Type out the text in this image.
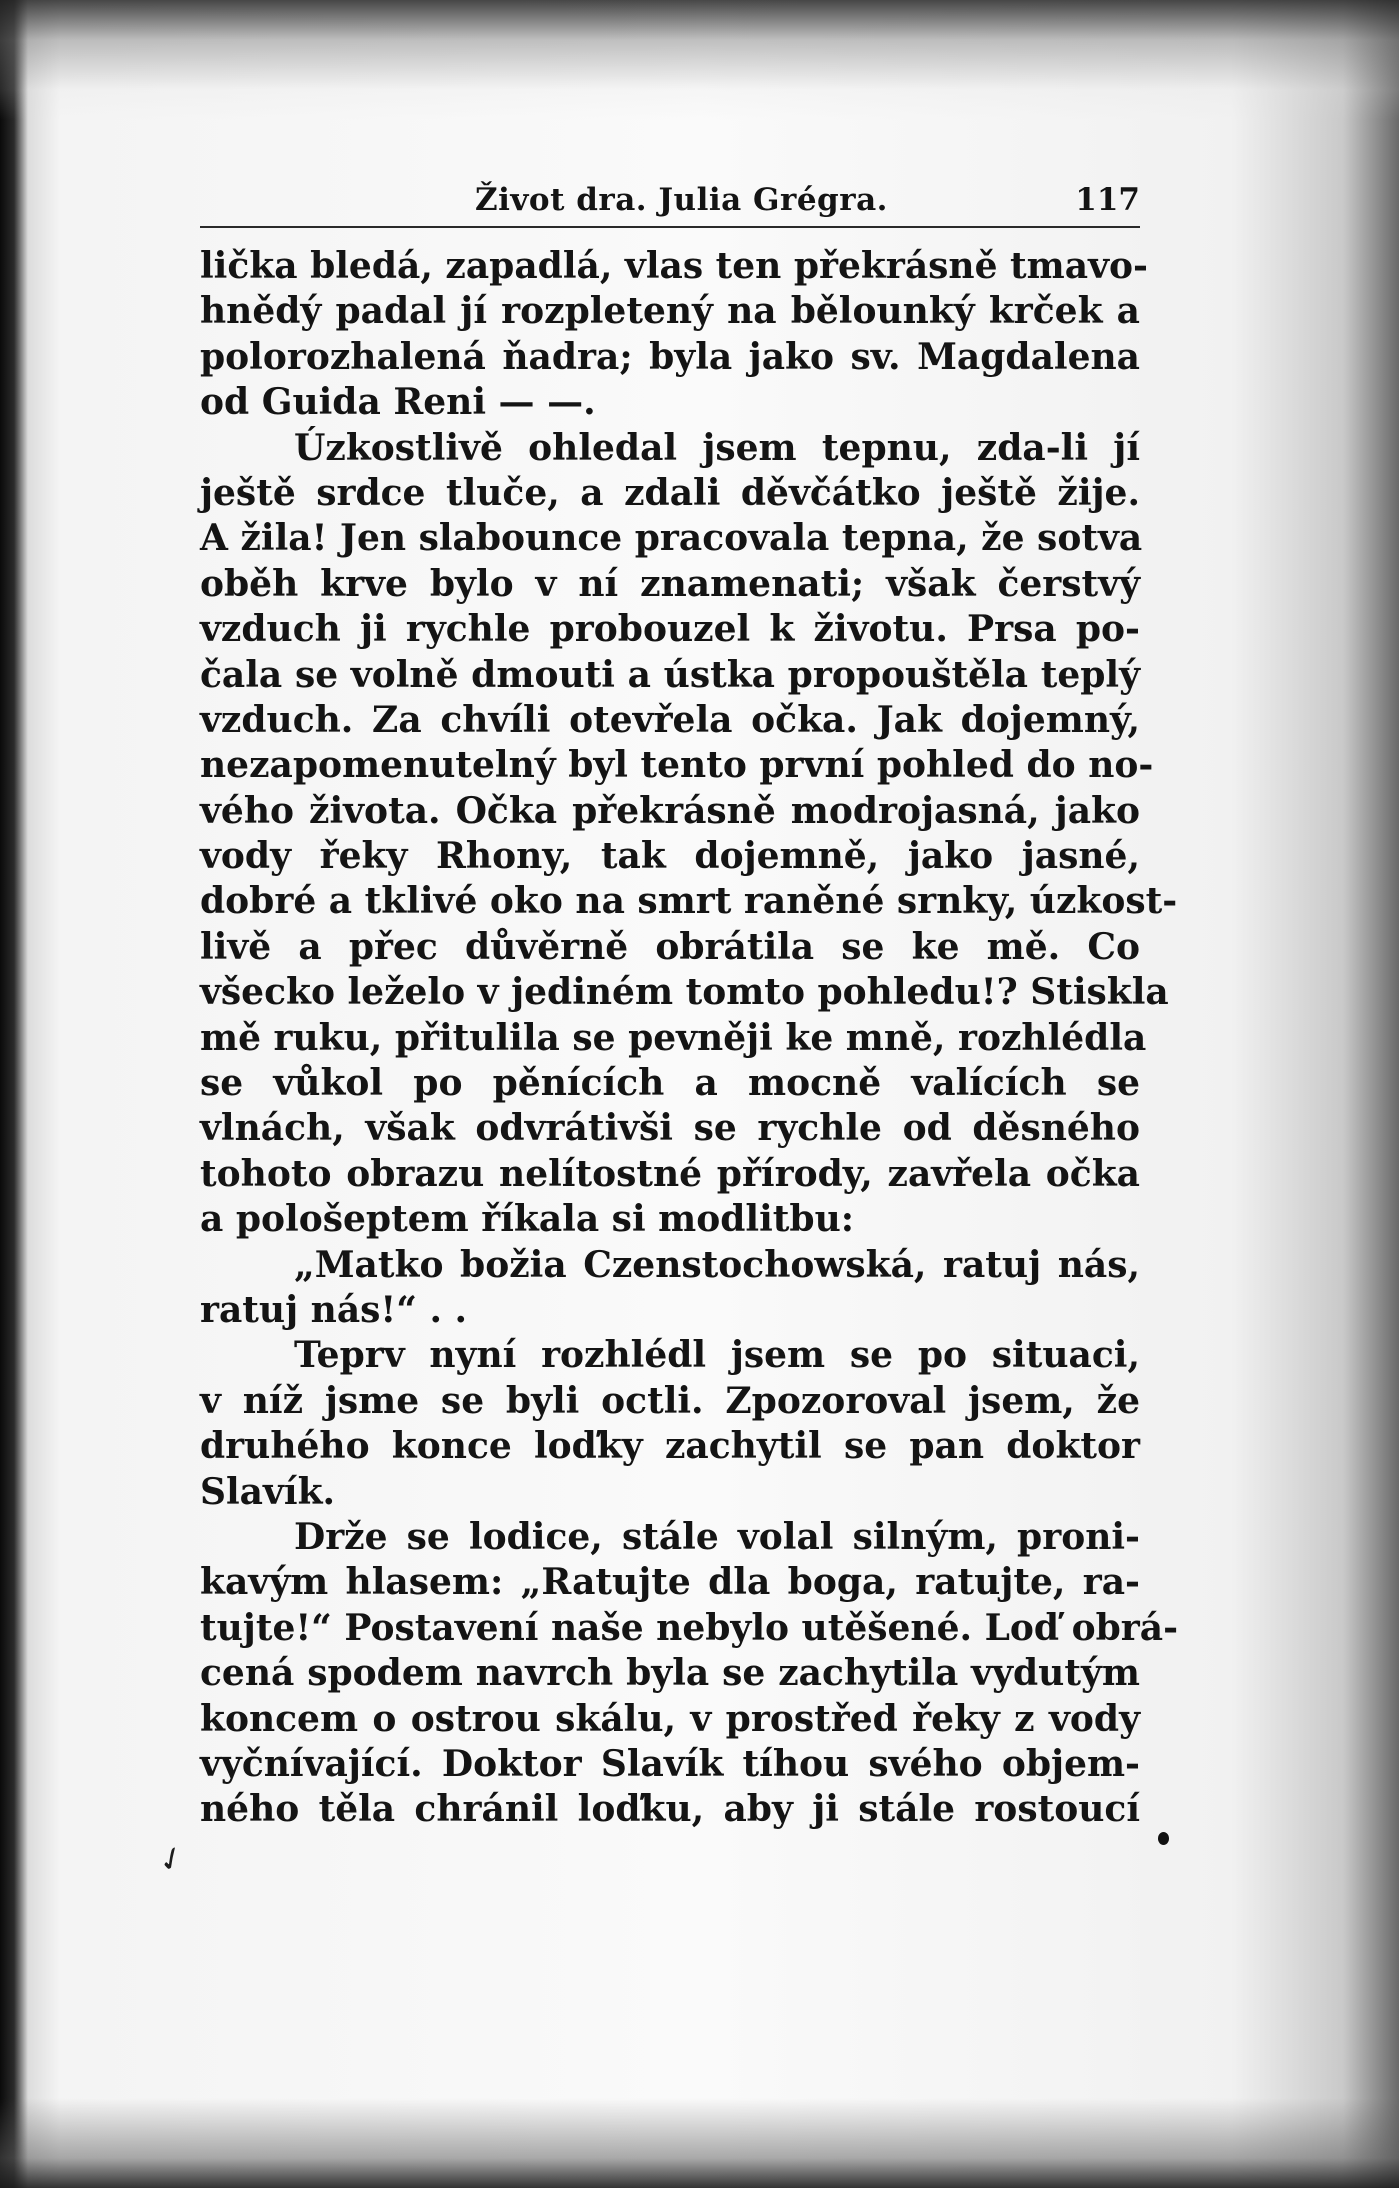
Život dra. Julia Grégra.	117
lička bledá, zapadlá, vlas ten překrásně tmavo-
hnědý padal jí rozpletený na bělounký krček a
polorozhalená ňadra; byla jako sv. Magdalena
od Guida Reni — —.
Úzkostlivě ohledal jsem tepnu, zda-li jí
ještě srdce tluče, a zdali děvčátko ještě žije.
A žila! Jen slabounce pracovala tepna, že sotva
oběh krve bylo v ní znamenati; však čerstvý
vzduch ji rychle probouzel k životu. Prsa po-
čala se volně dmouti a ústka propouštěla teplý
vzduch. Za chvíli otevřela očka. Jak dojemný,
nezapomenutelný byl tento první pohled do no-
vého života. Očka překrásně modrojasná, jako
vody řeky Rhony, tak dojemně, jako jasné,
dobré a tklivé oko na smrt raněné srnky, úzkost-
livě a přec důvěrně obrátila se ke mě. Co
všecko leželo v jediném tomto pohledu!? Stiskla
mě ruku, přitulila se pevněji ke mně, rozhlédla
se vůkol po pěnících a mocně valících se
vlnách, však odvrátivši se rychle od děsného
tohoto obrazu nelítostné přírody, zavřela očka
a pološeptem říkala si modlitbu:
„Matko božia Czenstochowská, ratuj nás,
ratuj nás!“ . .
Teprv nyní rozhlédl jsem se po situaci,
v níž jsme se byli octli. Zpozoroval jsem, že
druhého konce loďky zachytil se pan doktor
Slavík.
Drže se lodice, stále volal silným, proni-
kavým hlasem: „Ratujte dla boga, ratujte, ra-
tujte!“ Postavení naše nebylo utěšené. Loď obrá-
cená spodem navrch byla se zachytila vydutým
koncem o ostrou skálu, v prostřed řeky z vody
vyčnívající. Doktor Slavík tíhou svého objem-
ného těla chránil loďku, aby ji stále rostoucí
✓
